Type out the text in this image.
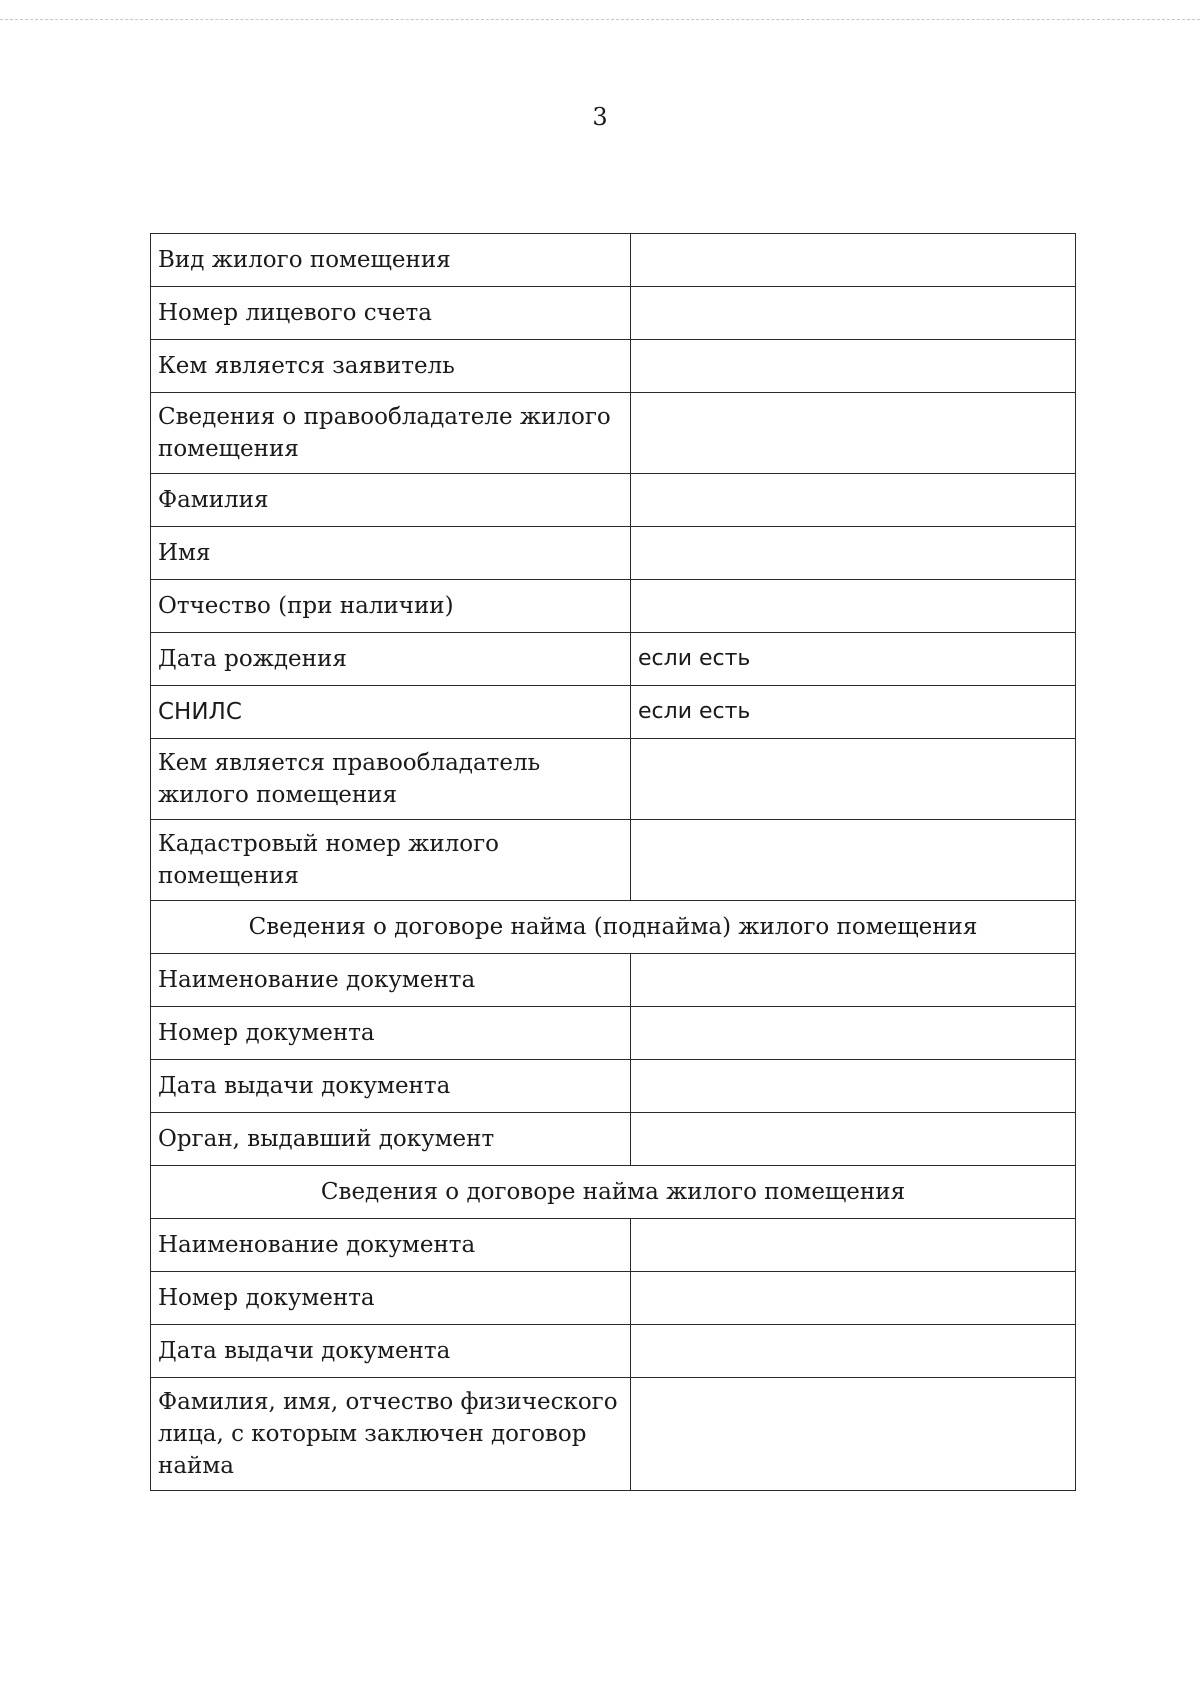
3
Вид жилого помещения	
Номер лицевого счета	
Кем является заявитель	
Сведения о правообладателе жилого помещения	
Фамилия	
Имя	
Отчество (при наличии)	
Дата рождения	если есть
СНИЛС	если есть
Кем является правообладатель жилого помещения	
Кадастровый номер жилого помещения	
Сведения о договоре найма (поднайма) жилого помещения	
Наименование документа	
Номер документа	
Дата выдачи документа	
Орган, выдавший документ	
Сведения о договоре найма жилого помещения	
Наименование документа	
Номер документа	
Дата выдачи документа	
Фамилия, имя, отчество физического лица, с которым заключен договор найма	
